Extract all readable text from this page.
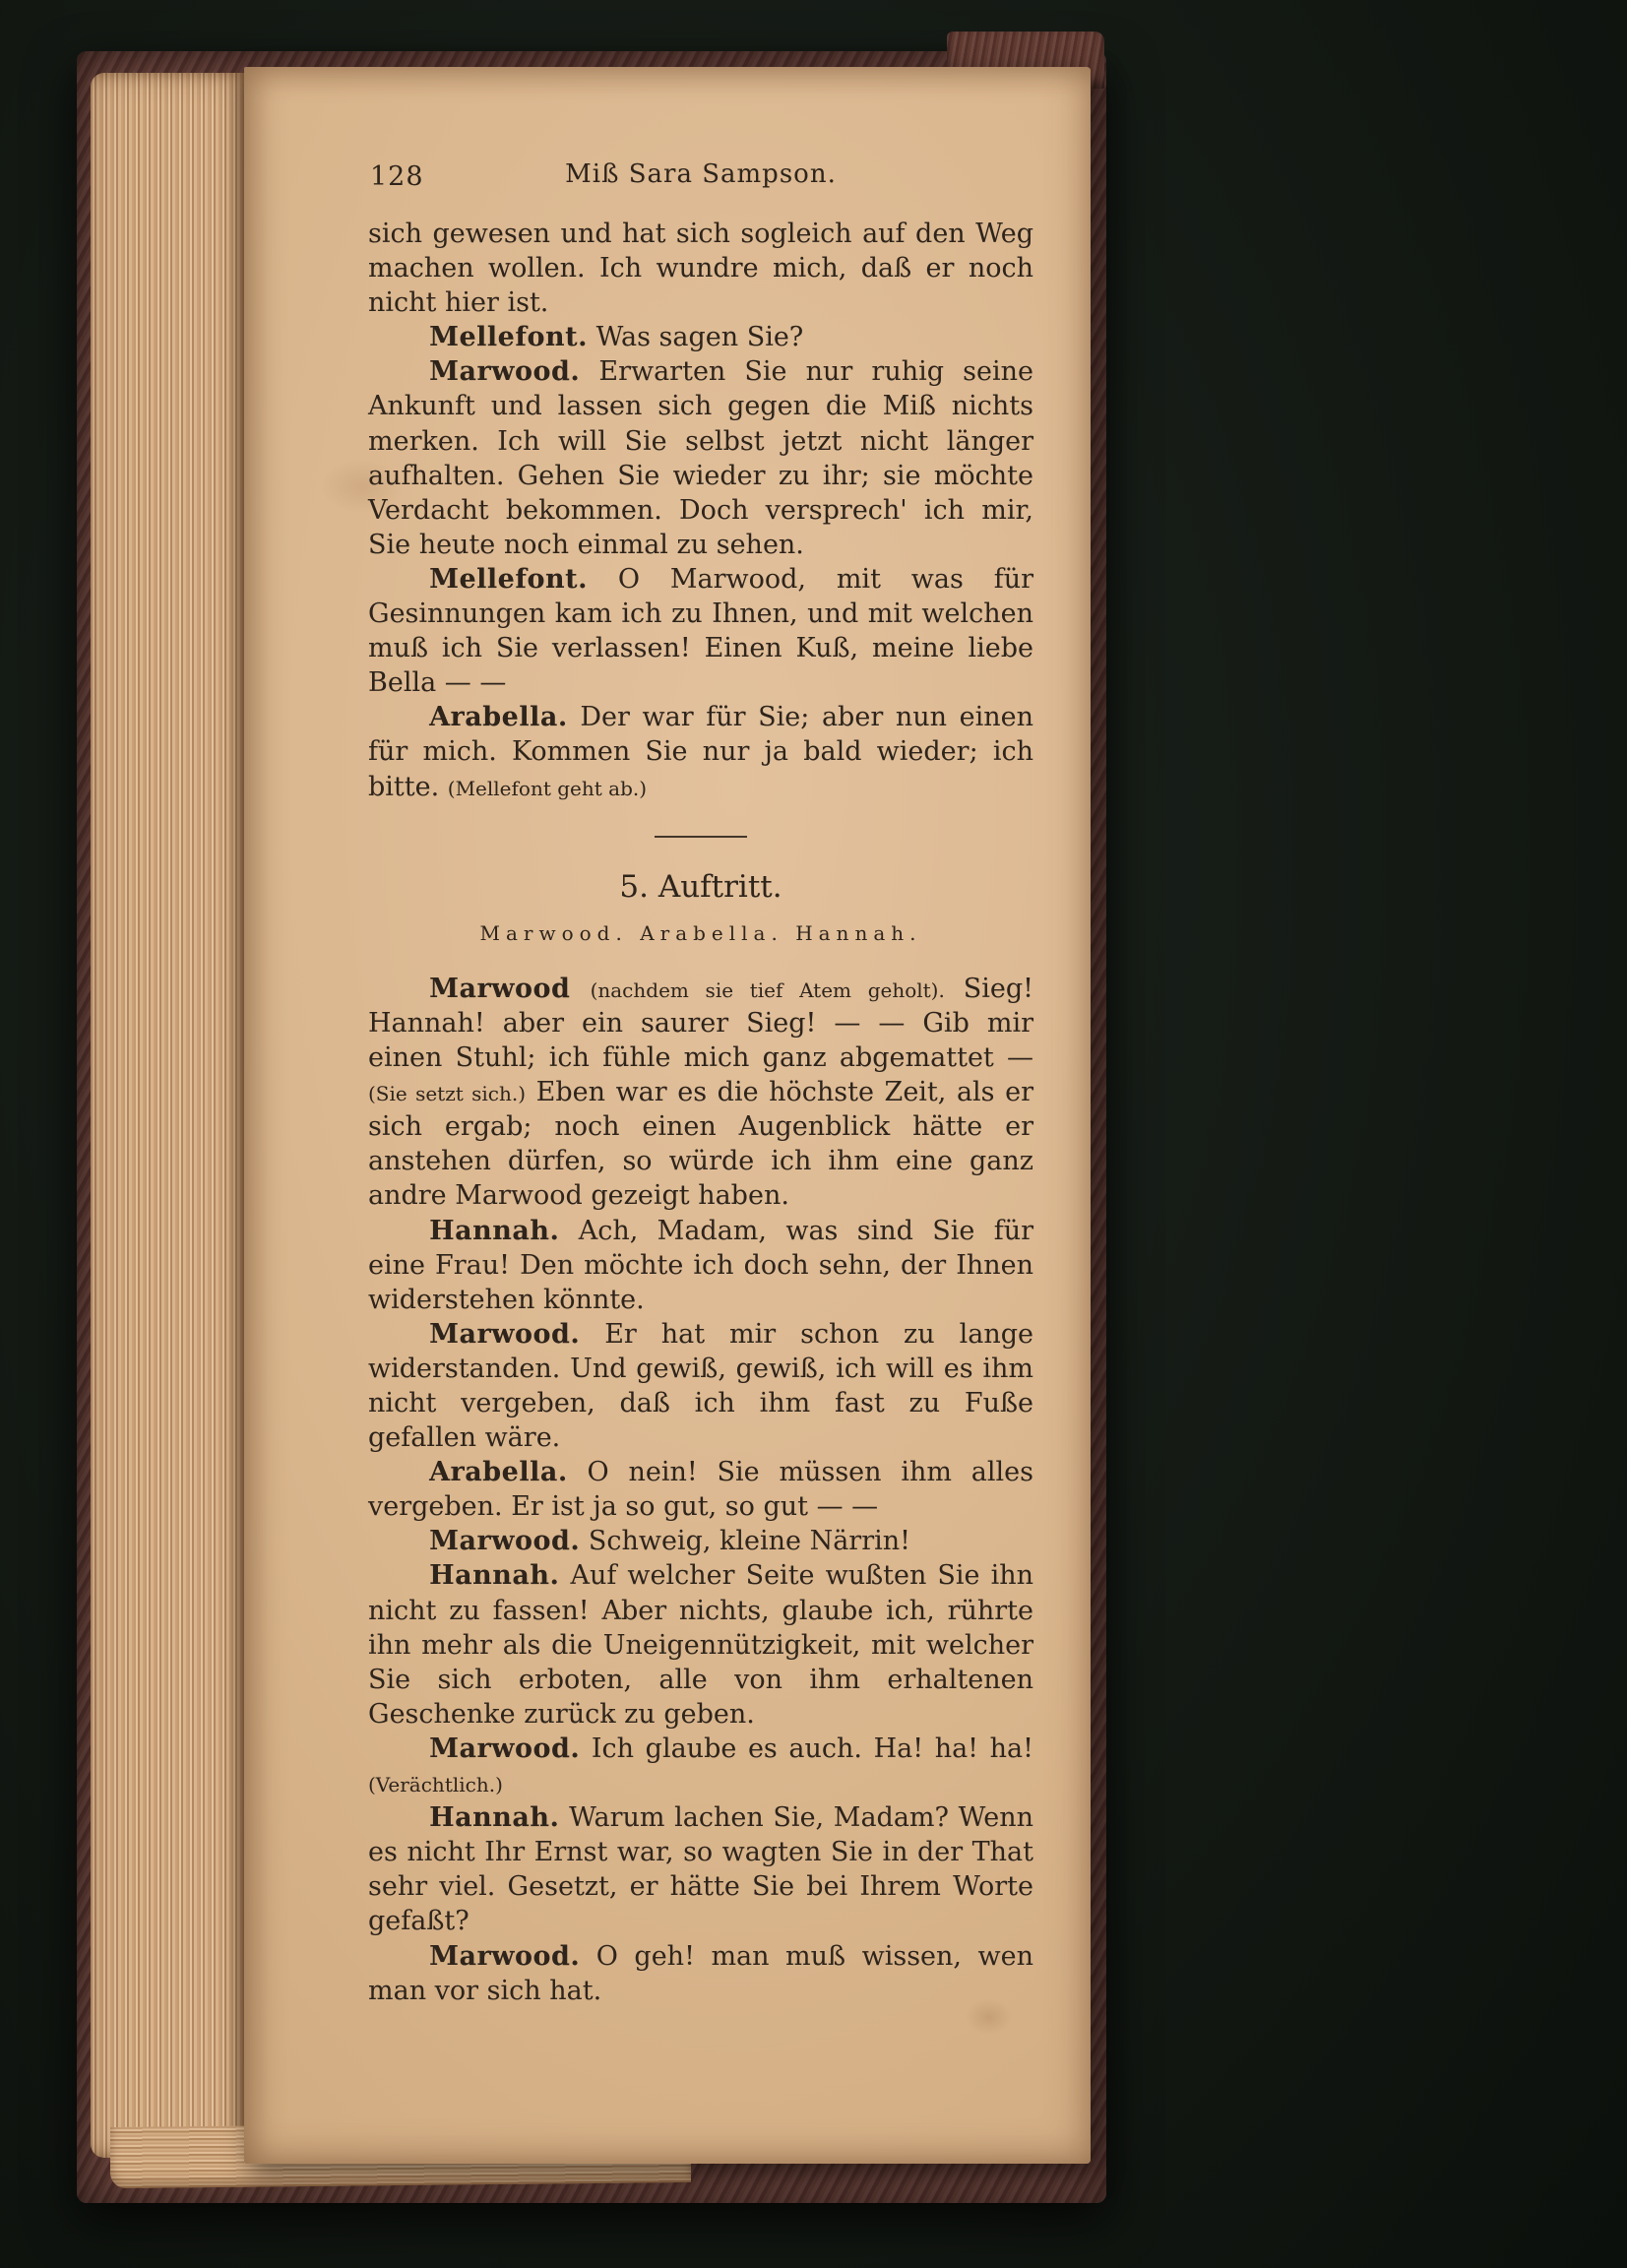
128	Miß Sara Sampson.

sich gewesen und hat sich sogleich auf den Weg machen wollen. Ich wundre mich, daß er noch nicht hier ist.

Mellefont. Was sagen Sie?

Marwood. Erwarten Sie nur ruhig seine Ankunft und lassen sich gegen die Miß nichts merken. Ich will Sie selbst jetzt nicht länger aufhalten. Gehen Sie wieder zu ihr; sie möchte Verdacht bekommen. Doch versprech' ich mir, Sie heute noch einmal zu sehen.

Mellefont. O Marwood, mit was für Gesinnungen kam ich zu Ihnen, und mit welchen muß ich Sie verlassen! Einen Kuß, meine liebe Bella — —

Arabella. Der war für Sie; aber nun einen für mich. Kommen Sie nur ja bald wieder; ich bitte. (Mellefont geht ab.)

5. Auftritt.
Marwood. Arabella. Hannah.

Marwood (nachdem sie tief Atem geholt). Sieg! Hannah! aber ein saurer Sieg! — — Gib mir einen Stuhl; ich fühle mich ganz abgemattet — (Sie setzt sich.) Eben war es die höchste Zeit, als er sich ergab; noch einen Augenblick hätte er anstehen dürfen, so würde ich ihm eine ganz andre Marwood gezeigt haben.

Hannah. Ach, Madam, was sind Sie für eine Frau! Den möchte ich doch sehn, der Ihnen widerstehen könnte.

Marwood. Er hat mir schon zu lange widerstanden. Und gewiß, gewiß, ich will es ihm nicht vergeben, daß ich ihm fast zu Fuße gefallen wäre.

Arabella. O nein! Sie müssen ihm alles vergeben. Er ist ja so gut, so gut — —

Marwood. Schweig, kleine Närrin!

Hannah. Auf welcher Seite wußten Sie ihn nicht zu fassen! Aber nichts, glaube ich, rührte ihn mehr als die Uneigennützigkeit, mit welcher Sie sich erboten, alle von ihm erhaltenen Geschenke zurück zu geben.

Marwood. Ich glaube es auch. Ha! ha! ha! (Verächtlich.)

Hannah. Warum lachen Sie, Madam? Wenn es nicht Ihr Ernst war, so wagten Sie in der That sehr viel. Gesetzt, er hätte Sie bei Ihrem Worte gefaßt?

Marwood. O geh! man muß wissen, wen man vor sich hat.
